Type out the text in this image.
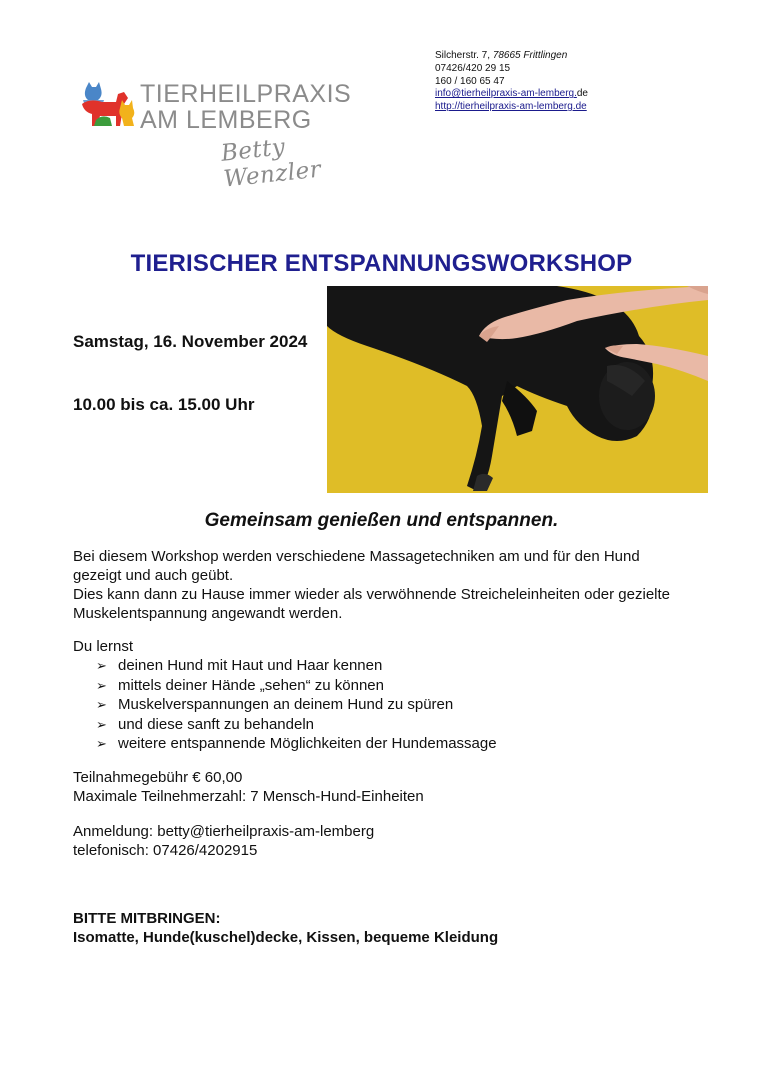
TIERHEILPRAXIS
AM LEMBERG
Betty Wenzler
Silcherstr. 7, 78665 Frittlingen
07426/420 29 15
160 / 160 65 47
info@tierheilpraxis-am-lemberg.de
http://tierheilpraxis-am-lemberg.de
TIERISCHER ENTSPANNUNGSWORKSHOP
Samstag, 16. November 2024
10.00 bis ca. 15.00 Uhr
Gemeinsam genießen und entspannen.
Bei diesem Workshop werden verschiedene Massagetechniken am und für den Hund
gezeigt und auch geübt.
Dies kann dann zu Hause immer wieder als verwöhnende Streicheleinheiten oder gezielte
Muskelentspannung angewandt werden.
Du lernst
➢ deinen Hund mit Haut und Haar kennen
➢ mittels deiner Hände „sehen“ zu können
➢ Muskelverspannungen an deinem Hund zu spüren
➢ und diese sanft zu behandeln
➢ weitere entspannende Möglichkeiten der Hundemassage
Teilnahmegebühr € 60,00
Maximale Teilnehmerzahl: 7 Mensch-Hund-Einheiten
Anmeldung: betty@tierheilpraxis-am-lemberg
telefonisch: 07426/4202915
BITTE MITBRINGEN:
Isomatte, Hunde(kuschel)decke, Kissen, bequeme Kleidung
